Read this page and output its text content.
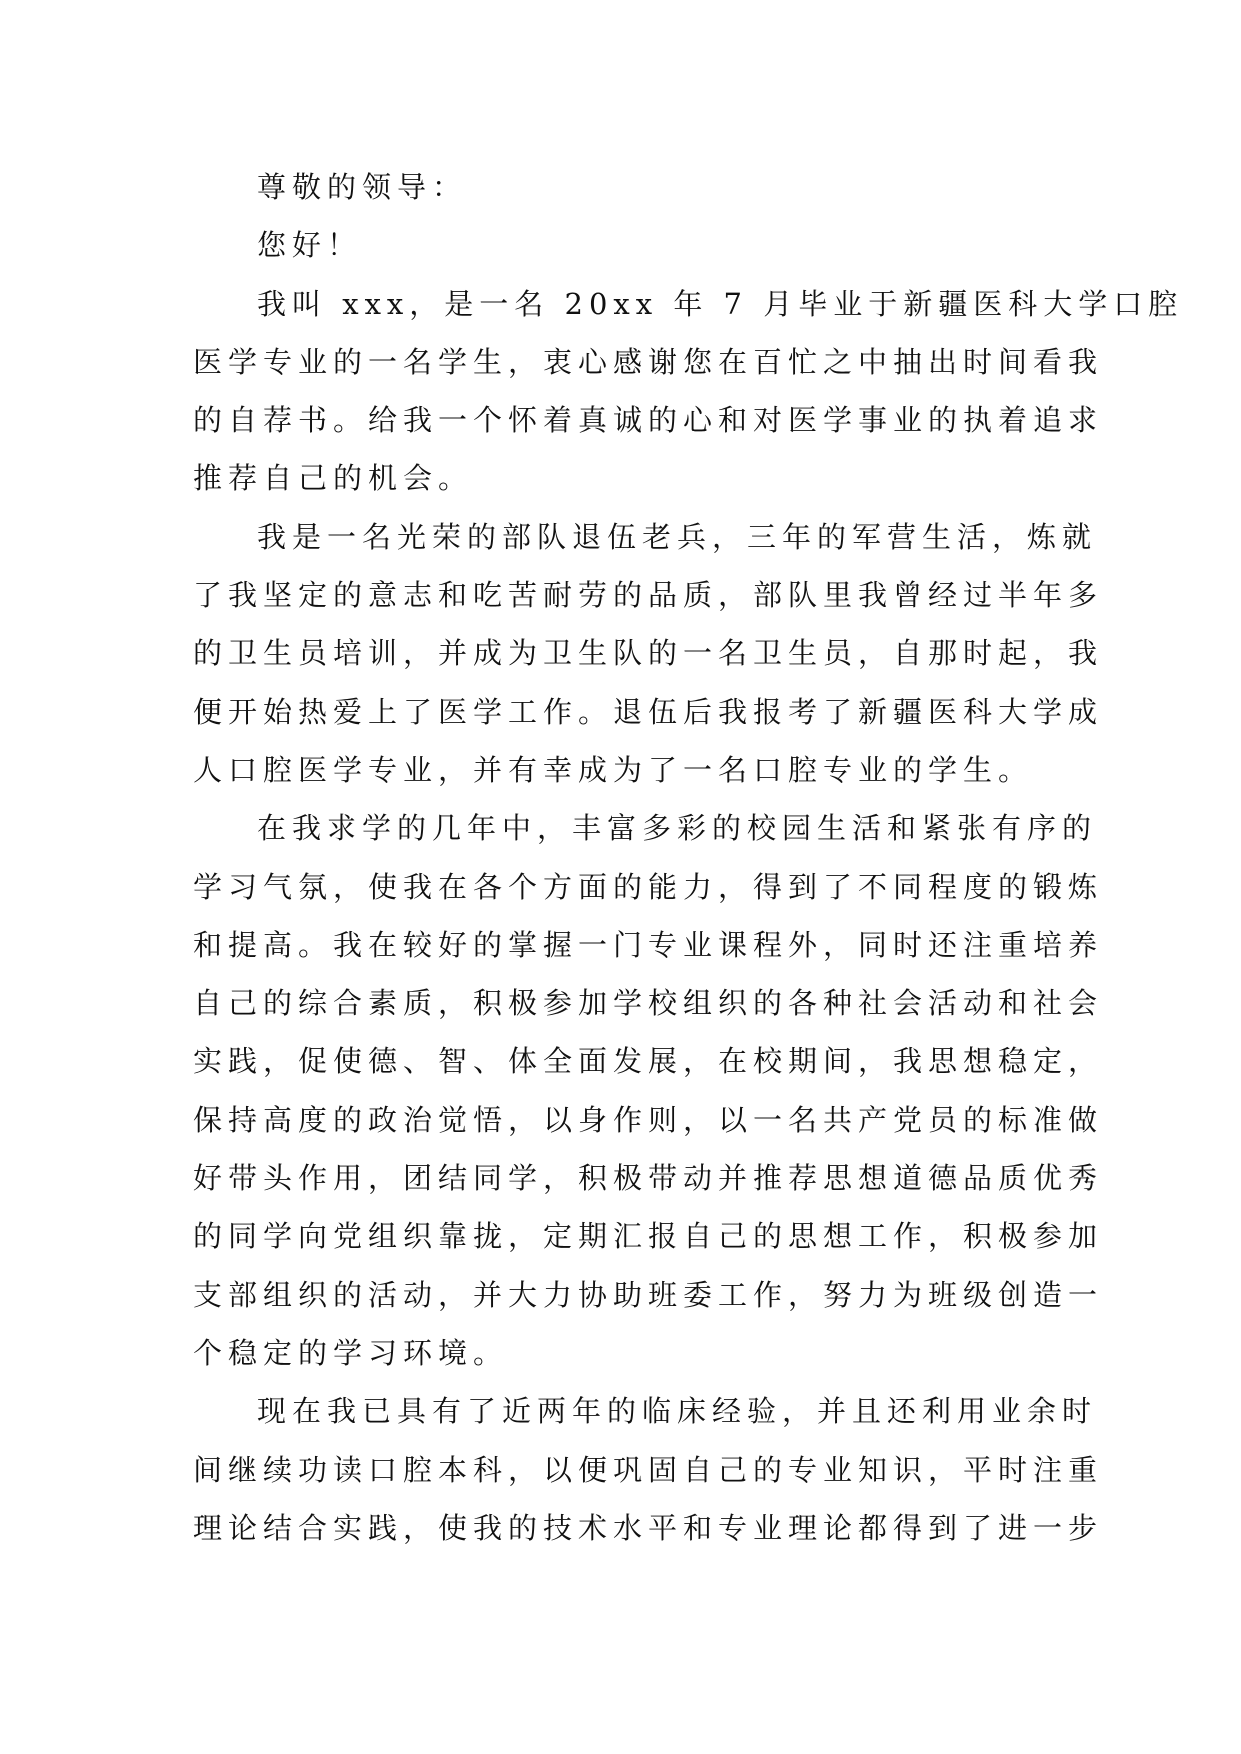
尊敬的领导：
您好！
我叫 xxx，是一名 20xx 年 7 月毕业于新疆医科大学口腔
医学专业的一名学生，衷心感谢您在百忙之中抽出时间看我
的自荐书。给我一个怀着真诚的心和对医学事业的执着追求
推荐自己的机会。
我是一名光荣的部队退伍老兵，三年的军营生活，炼就
了我坚定的意志和吃苦耐劳的品质，部队里我曾经过半年多
的卫生员培训，并成为卫生队的一名卫生员，自那时起，我
便开始热爱上了医学工作。退伍后我报考了新疆医科大学成
人口腔医学专业，并有幸成为了一名口腔专业的学生。
在我求学的几年中，丰富多彩的校园生活和紧张有序的
学习气氛，使我在各个方面的能力，得到了不同程度的锻炼
和提高。我在较好的掌握一门专业课程外，同时还注重培养
自己的综合素质，积极参加学校组织的各种社会活动和社会
实践，促使德、智、体全面发展，在校期间，我思想稳定，
保持高度的政治觉悟，以身作则，以一名共产党员的标准做
好带头作用，团结同学，积极带动并推荐思想道德品质优秀
的同学向党组织靠拢，定期汇报自己的思想工作，积极参加
支部组织的活动，并大力协助班委工作，努力为班级创造一
个稳定的学习环境。
现在我已具有了近两年的临床经验，并且还利用业余时
间继续功读口腔本科，以便巩固自己的专业知识，平时注重
理论结合实践，使我的技术水平和专业理论都得到了进一步
